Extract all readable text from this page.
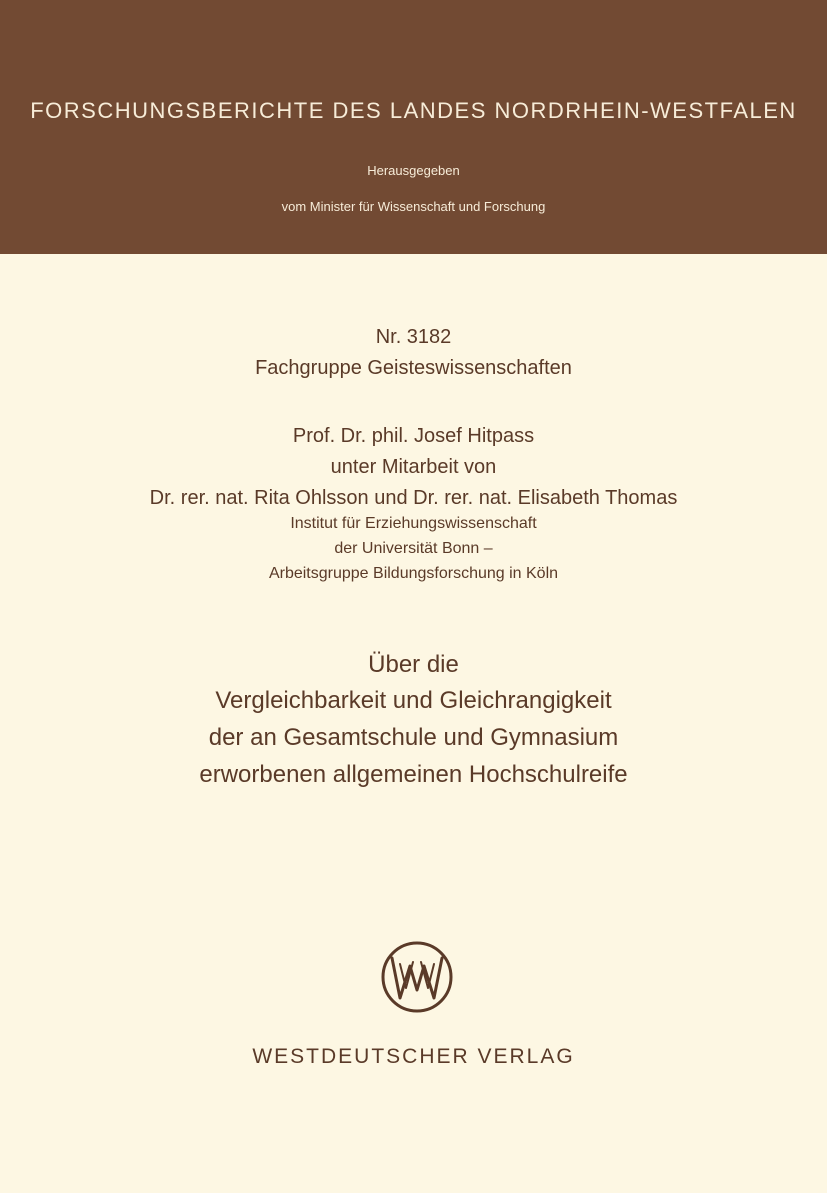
FORSCHUNGSBERICHTE DES LANDES NORDRHEIN-WESTFALEN
Herausgegeben
vom Minister für Wissenschaft und Forschung
Nr. 3182
Fachgruppe Geisteswissenschaften
Prof. Dr. phil. Josef Hitpass
unter Mitarbeit von
Dr. rer. nat. Rita Ohlsson und Dr. rer. nat. Elisabeth Thomas
Institut für Erziehungswissenschaft
der Universität Bonn –
Arbeitsgruppe Bildungsforschung in Köln
Über die
Vergleichbarkeit und Gleichrangigkeit
der an Gesamtschule und Gymnasium
erworbenen allgemeinen Hochschulreife
WESTDEUTSCHER VERLAG
